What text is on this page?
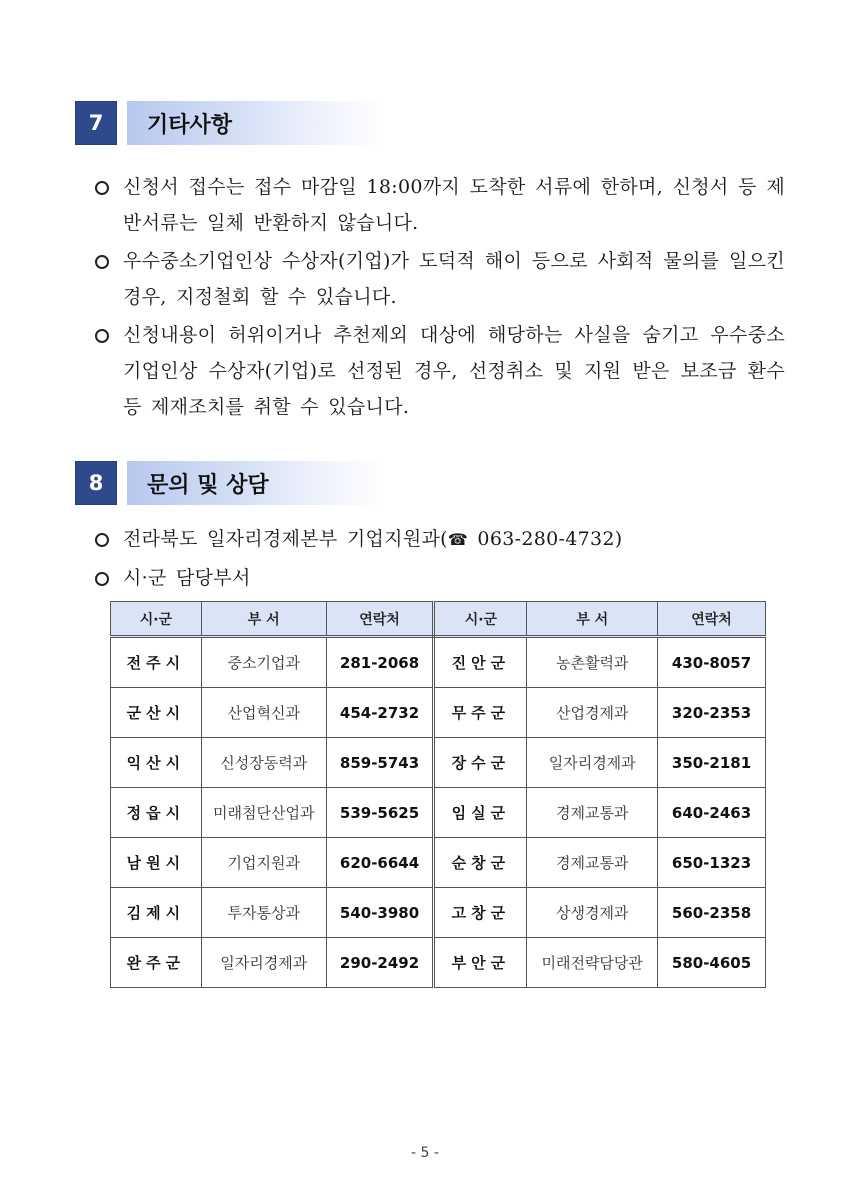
7	기타사항
신청서 접수는 접수 마감일 18:00까지 도착한 서류에 한하며, 신청서 등 제반서류는 일체 반환하지 않습니다.
우수중소기업인상 수상자(기업)가 도덕적 해이 등으로 사회적 물의를 일으킨 경우, 지정철회 할 수 있습니다.
신청내용이 허위이거나 추천제외 대상에 해당하는 사실을 숨기고 우수중소기업인상 수상자(기업)로 선정된 경우, 선정취소 및 지원 받은 보조금 환수 등 제재조치를 취할 수 있습니다.
8	문의 및 상담
전라북도 일자리경제본부 기업지원과(☎ 063-280-4732)
시·군 담당부서
시·군	부 서	연락처	시·군	부 서	연락처
전주시	중소기업과	281-2068	진안군	농촌활력과	430-8057
군산시	산업혁신과	454-2732	무주군	산업경제과	320-2353
익산시	신성장동력과	859-5743	장수군	일자리경제과	350-2181
정읍시	미래첨단산업과	539-5625	임실군	경제교통과	640-2463
남원시	기업지원과	620-6644	순창군	경제교통과	650-1323
김제시	투자통상과	540-3980	고창군	상생경제과	560-2358
완주군	일자리경제과	290-2492	부안군	미래전략담당관	580-4605
- 5 -
